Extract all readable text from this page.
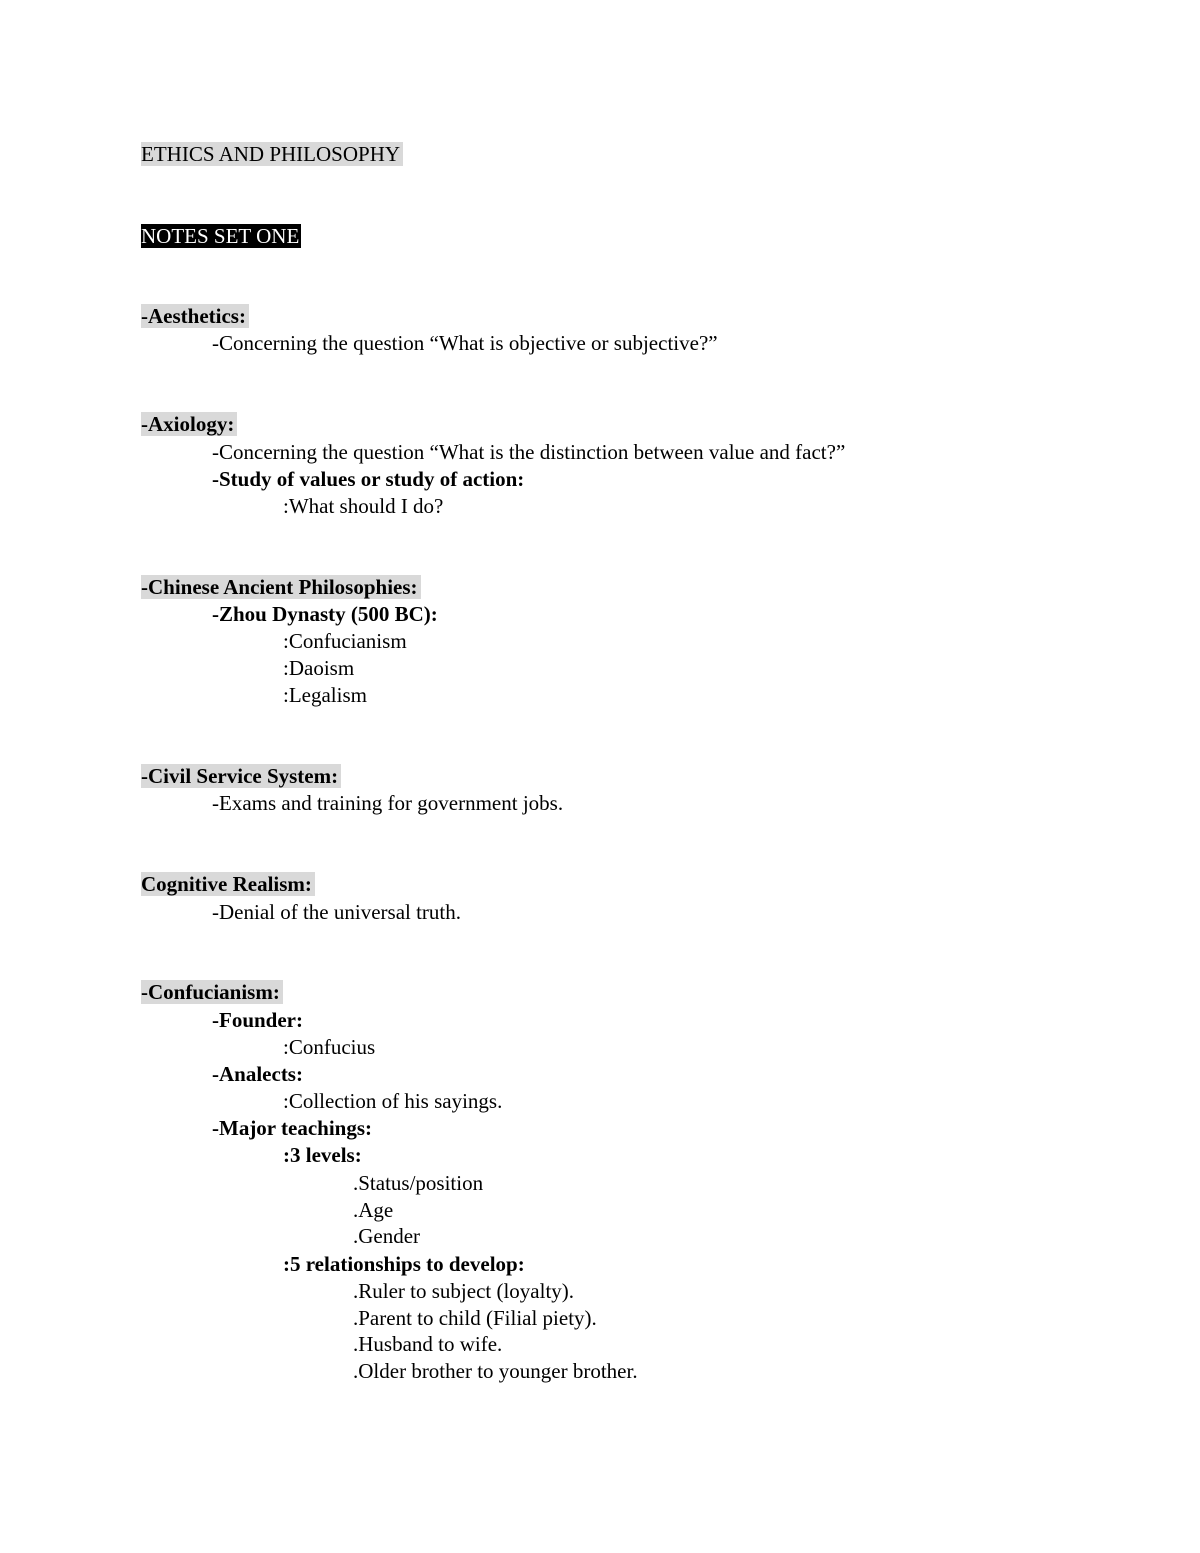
ETHICS AND PHILOSOPHY
NOTES SET ONE
-Aesthetics:
-Concerning the question “What is objective or subjective?”
-Axiology:
-Concerning the question “What is the distinction between value and fact?”
-Study of values or study of action:
:What should I do?
-Chinese Ancient Philosophies:
-Zhou Dynasty (500 BC):
:Confucianism
:Daoism
:Legalism
-Civil Service System:
-Exams and training for government jobs.
Cognitive Realism:
-Denial of the universal truth.
-Confucianism:
-Founder:
:Confucius
-Analects:
:Collection of his sayings.
-Major teachings:
:3 levels:
.Status/position
.Age
.Gender
:5 relationships to develop:
.Ruler to subject (loyalty).
.Parent to child (Filial piety).
.Husband to wife.
.Older brother to younger brother.
